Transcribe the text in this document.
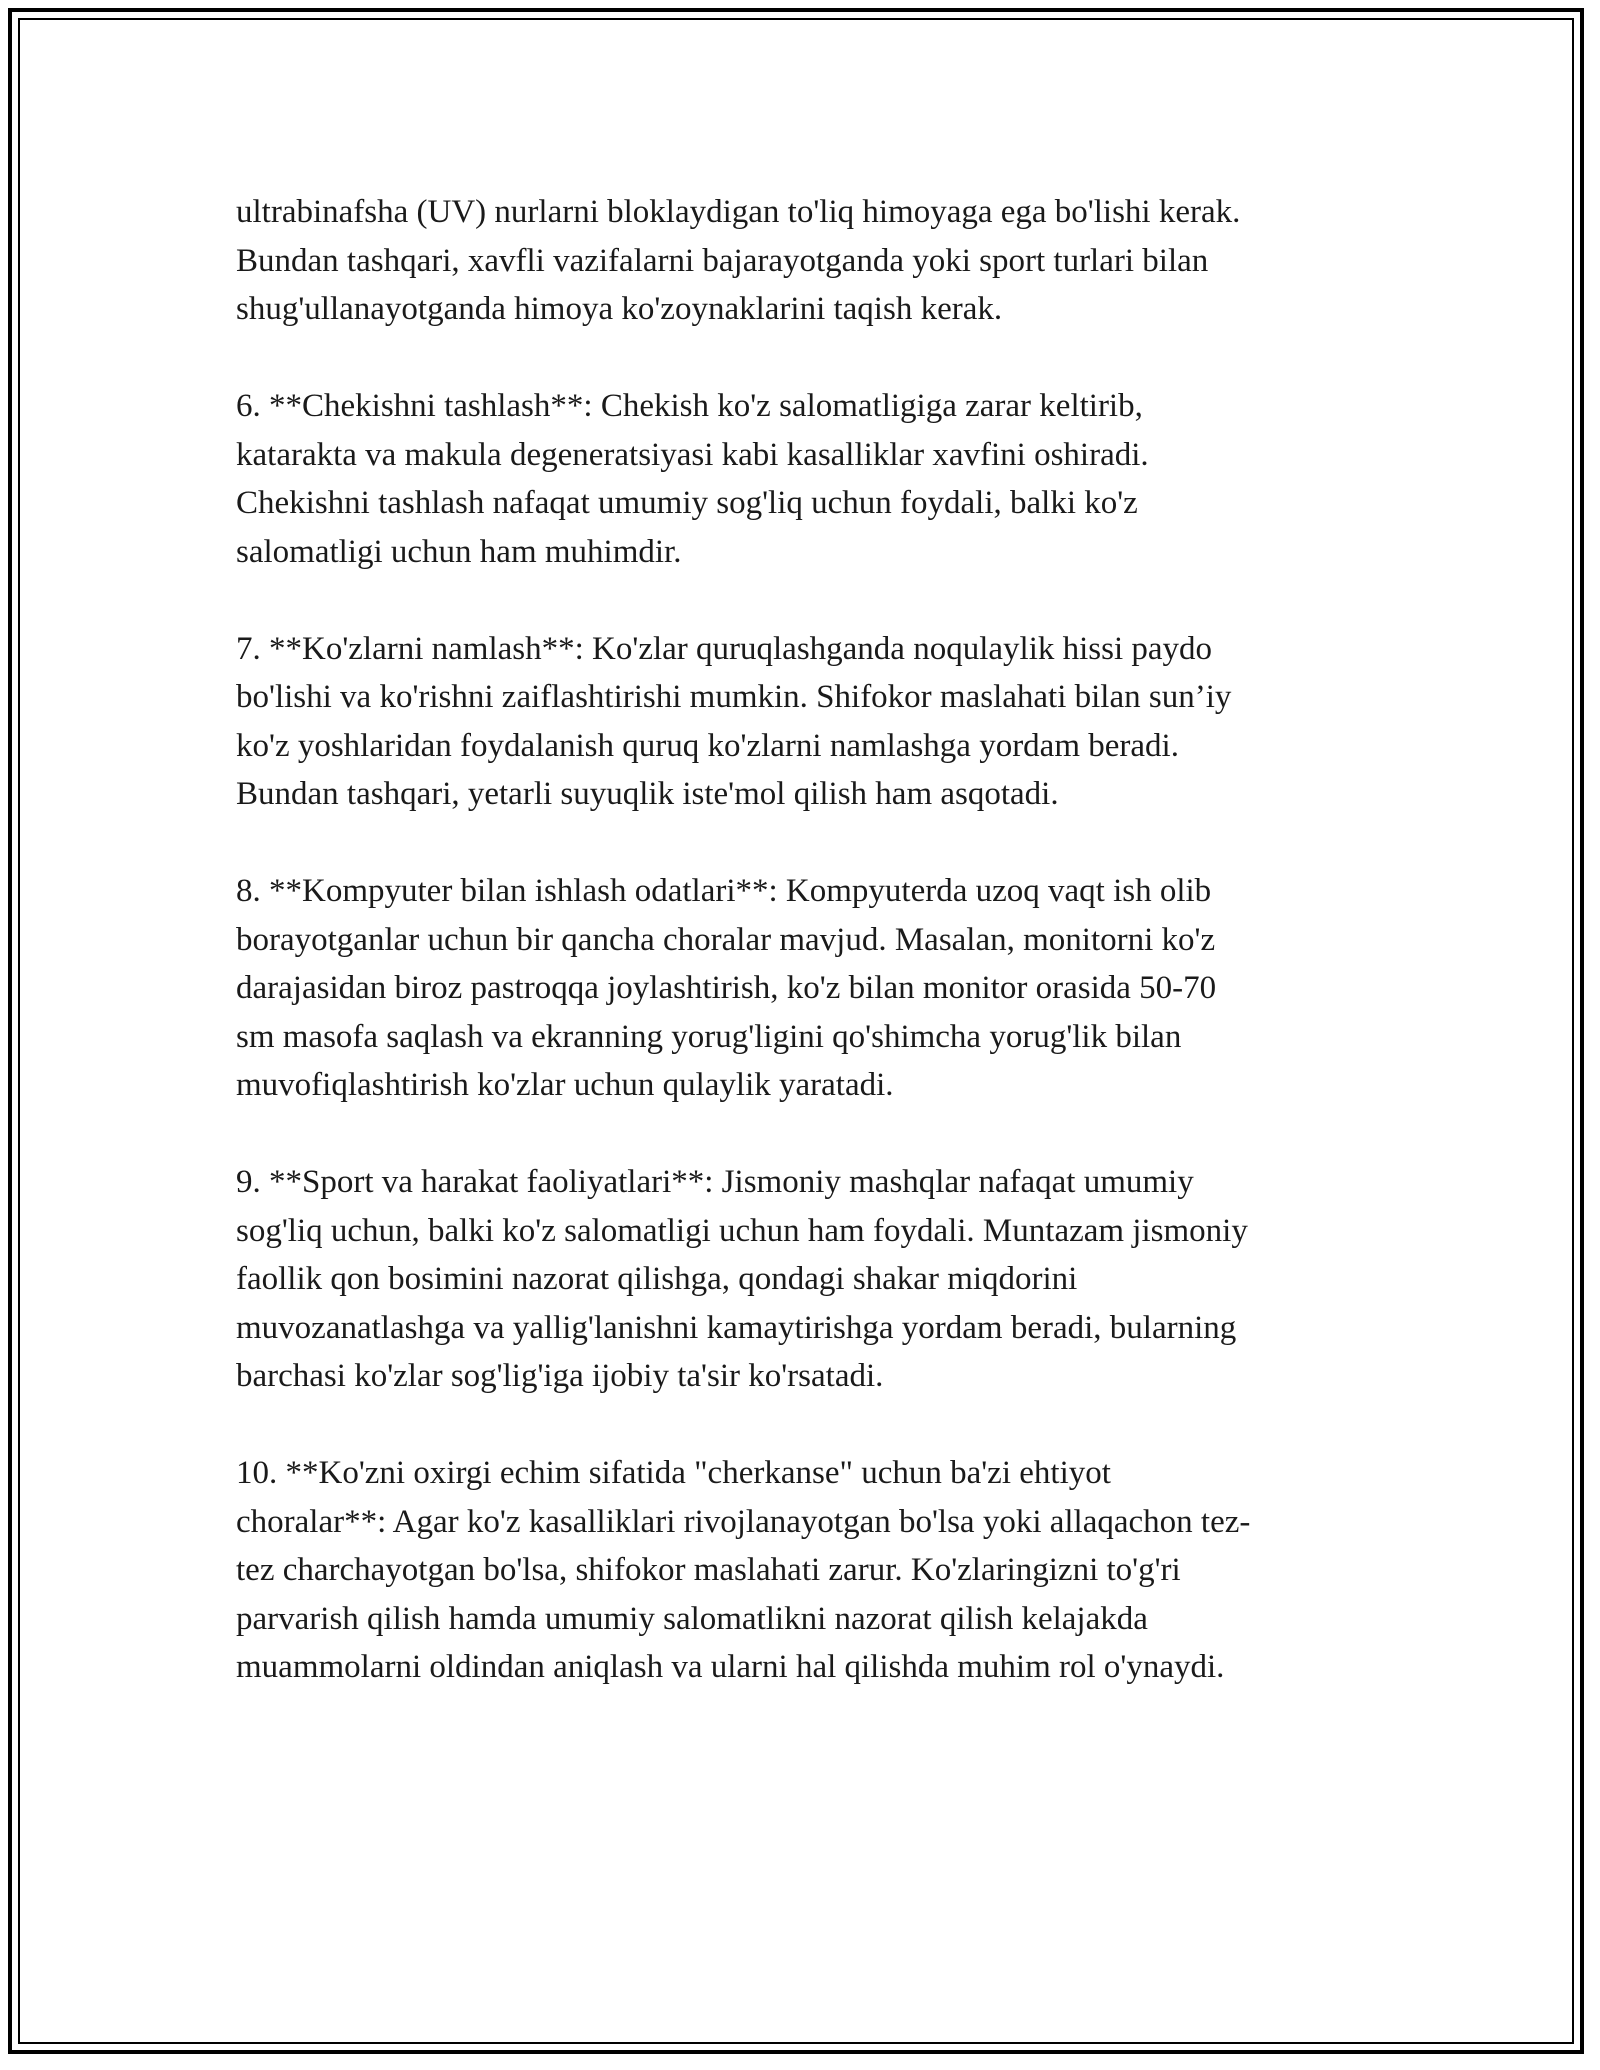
ultrabinafsha (UV) nurlarni bloklaydigan to'liq himoyaga ega bo'lishi kerak.
Bundan tashqari, xavfli vazifalarni bajarayotganda yoki sport turlari bilan
shug'ullanayotganda himoya ko'zoynaklarini taqish kerak.

6. **Chekishni tashlash**: Chekish ko'z salomatligiga zarar keltirib,
katarakta va makula degeneratsiyasi kabi kasalliklar xavfini oshiradi.
Chekishni tashlash nafaqat umumiy sog'liq uchun foydali, balki ko'z
salomatligi uchun ham muhimdir.

7. **Ko'zlarni namlash**: Ko'zlar quruqlashganda noqulaylik hissi paydo
bo'lishi va ko'rishni zaiflashtirishi mumkin. Shifokor maslahati bilan sun’iy
ko'z yoshlaridan foydalanish quruq ko'zlarni namlashga yordam beradi.
Bundan tashqari, yetarli suyuqlik iste'mol qilish ham asqotadi.

8. **Kompyuter bilan ishlash odatlari**: Kompyuterda uzoq vaqt ish olib
borayotganlar uchun bir qancha choralar mavjud. Masalan, monitorni ko'z
darajasidan biroz pastroqqa joylashtirish, ko'z bilan monitor orasida 50-70
sm masofa saqlash va ekranning yorug'ligini qo'shimcha yorug'lik bilan
muvofiqlashtirish ko'zlar uchun qulaylik yaratadi.

9. **Sport va harakat faoliyatlari**: Jismoniy mashqlar nafaqat umumiy
sog'liq uchun, balki ko'z salomatligi uchun ham foydali. Muntazam jismoniy
faollik qon bosimini nazorat qilishga, qondagi shakar miqdorini
muvozanatlashga va yallig'lanishni kamaytirishga yordam beradi, bularning
barchasi ko'zlar sog'lig'iga ijobiy ta'sir ko'rsatadi.

10. **Ko'zni oxirgi echim sifatida "cherkanse" uchun ba'zi ehtiyot
choralar**: Agar ko'z kasalliklari rivojlanayotgan bo'lsa yoki allaqachon tez-
tez charchayotgan bo'lsa, shifokor maslahati zarur. Ko'zlaringizni to'g'ri
parvarish qilish hamda umumiy salomatlikni nazorat qilish kelajakda
muammolarni oldindan aniqlash va ularni hal qilishda muhim rol o'ynaydi.
